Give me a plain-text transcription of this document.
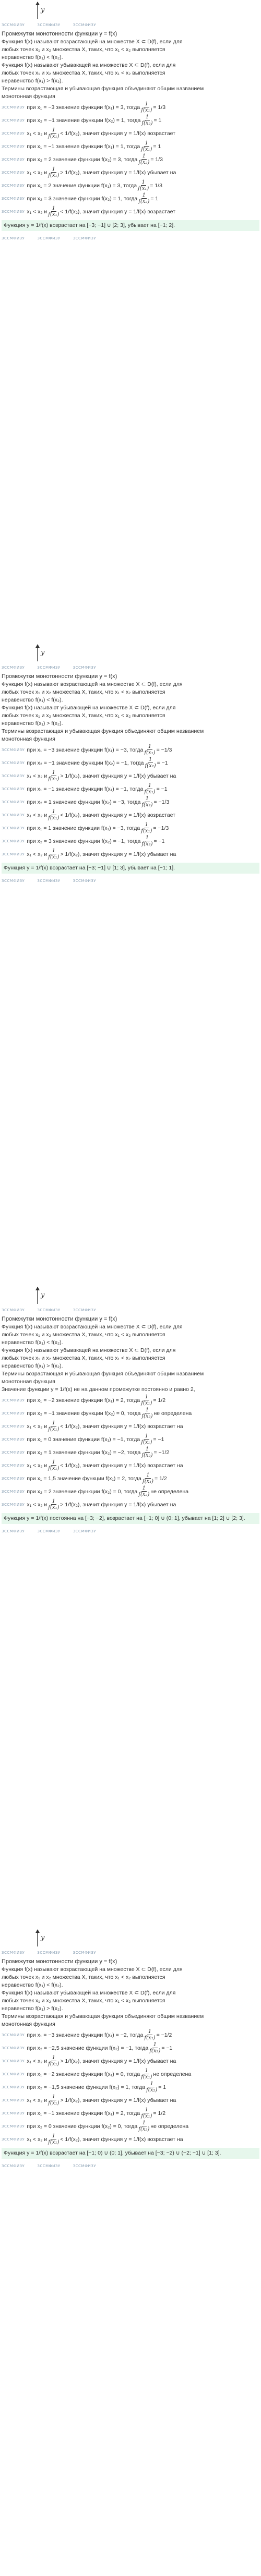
y
ЗССМФИЗУ	ЗССМФИЗУ	ЗССМФИЗУ
Промежутки монотонности функции y = f(x)
Функция f(x) называют возрастающей на множестве X ⊂ D(f), если для
любых точек x₁ и x₂ множества X, таких, что x₁ < x₂ выполняется
неравенство f(x₁) < f(x₂).
Функция f(x) называют убывающей на множестве X ⊂ D(f), если для
любых точек x₁ и x₂ множества X, таких, что x₁ < x₂ выполняется
неравенство f(x₁) > f(x₂).
Термины возрастающая и убывающая функция объединяют общим названием
монотонная функция
ЗССМФИЗУ при x₁ = −3 значение функции f(x₁) = 3, тогда $\frac{1}{\text{f(x₁)}} = 1/3$
ЗССМФИЗУ при x₂ = −1 значение функции f(x₂) = 1, тогда $\frac{1}{\text{f(x₂)}} = 1$
ЗССМФИЗУ x₁ < x₂ и $\frac{1}{\text{f(x₁)}} < 1/f(x_2)$, значит функция y = 1/f(x) возрастает
ЗССМФИЗУ при x₁ = −1 значение функции f(x₁) = 1, тогда $\frac{1}{\text{f(x₁)}} = 1$
ЗССМФИЗУ при x₂ = 2 значение функции f(x₂) = 3, тогда $\frac{1}{\text{f(x₂)}} = 1/3$
ЗССМФИЗУ x₁ < x₂ и $\frac{1}{\text{f(x₁)}} > 1/f(x_2)$, значит функция y = 1/f(x) убывает на
ЗССМФИЗУ при x₁ = 2 значение функции f(x₁) = 3, тогда $\frac{1}{\text{f(x₁)}} = 1/3$
ЗССМФИЗУ при x₂ = 3 значение функции f(x₂) = 1, тогда $\frac{1}{\text{f(x₂)}} = 1$
ЗССМФИЗУ x₁ < x₂ и $\frac{1}{\text{f(x₁)}} < 1/f(x_2)$, значит функция y = 1/f(x) возрастает
Функция y = 1/f(x) возрастает на [−3; −1] ∪ [2; 3], убывает на [−1; 2].
ЗССМФИЗУ	ЗССМФИЗУ	ЗССМФИЗУ
y
ЗССМФИЗУ	ЗССМФИЗУ	ЗССМФИЗУ
Промежутки монотонности функции y = f(x)
Функция f(x) называют возрастающей на множестве X ⊂ D(f), если для
любых точек x₁ и x₂ множества X, таких, что x₁ < x₂ выполняется
неравенство f(x₁) < f(x₂).
Функция f(x) называют убывающей на множестве X ⊂ D(f), если для
любых точек x₁ и x₂ множества X, таких, что x₁ < x₂ выполняется
неравенство f(x₁) > f(x₂).
Термины возрастающая и убывающая функция объединяют общим названием
монотонная функция
ЗССМФИЗУ при x₁ = −3 значение функции f(x₁) = −3, тогда $\frac{1}{\text{f(x₁)}} = -1/3$
ЗССМФИЗУ при x₂ = −1 значение функции f(x₂) = −1, тогда $\frac{1}{\text{f(x₂)}} = -1$
ЗССМФИЗУ x₁ < x₂ и $\frac{1}{\text{f(x₁)}} > 1/f(x_2)$, значит функция y = 1/f(x) убывает на
ЗССМФИЗУ при x₁ = −1 значение функции f(x₁) = −1, тогда $\frac{1}{\text{f(x₁)}} = -1$
ЗССМФИЗУ при x₂ = 1 значение функции f(x₂) = −3, тогда $\frac{1}{\text{f(x₂)}} = -1/3$
ЗССМФИЗУ x₁ < x₂ и $\frac{1}{\text{f(x₁)}} < 1/f(x_2)$, значит функция y = 1/f(x) возрастает
ЗССМФИЗУ при x₁ = 1 значение функции f(x₁) = −3, тогда $\frac{1}{\text{f(x₁)}} = -1/3$
ЗССМФИЗУ при x₂ = 3 значение функции f(x₂) = −1, тогда $\frac{1}{\text{f(x₂)}} = -1$
ЗССМФИЗУ x₁ < x₂ и $\frac{1}{\text{f(x₁)}} > 1/f(x_2)$, значит функция y = 1/f(x) убывает на
Функция y = 1/f(x) возрастает на [−3; −1] ∪ [1; 3], убывает на [−1; 1].
ЗССМФИЗУ	ЗССМФИЗУ	ЗССМФИЗУ
y
ЗССМФИЗУ	ЗССМФИЗУ	ЗССМФИЗУ
Промежутки монотонности функции y = f(x)
Функция f(x) называют возрастающей на множестве X ⊂ D(f), если для
любых точек x₁ и x₂ множества X, таких, что x₁ < x₂ выполняется
неравенство f(x₁) < f(x₂).
Функция f(x) называют убывающей на множестве X ⊂ D(f), если для
любых точек x₁ и x₂ множества X, таких, что x₁ < x₂ выполняется
неравенство f(x₁) > f(x₂).
Термины возрастающая и убывающая функция объединяют общим названием
монотонная функция
Значение функции y = 1/f(x) не на данном промежутке постоянно и равно 2,
ЗССМФИЗУ при x₁ = −2 значение функции f(x₁) = 2, тогда $\frac{1}{\text{f(x₁)}} = 1/2$
ЗССМФИЗУ при x₂ = −1 значение функции f(x₂) = 0, тогда $\frac{1}{\text{f(x₂)}}$ не определена
ЗССМФИЗУ x₁ < x₂ и $\frac{1}{\text{f(x₁)}} < 1/f(x_2)$, значит функция y = 1/f(x) возрастает на
ЗССМФИЗУ при x₁ = 0 значение функции f(x₁) = −1, тогда $\frac{1}{\text{f(x₁)}} = -1$
ЗССМФИЗУ при x₂ = 1 значение функции f(x₂) = −2, тогда $\frac{1}{\text{f(x₂)}} = -1/2$
ЗССМФИЗУ x₁ < x₂ и $\frac{1}{\text{f(x₁)}} < 1/f(x_2)$, значит функция y = 1/f(x) возрастает на
ЗССМФИЗУ при x₁ = 1,5 значение функции f(x₁) = 2, тогда $\frac{1}{\text{f(x₁)}} = 1/2$
ЗССМФИЗУ при x₂ = 2 значение функции f(x₂) = 0, тогда $\frac{1}{\text{f(x₂)}}$ не определена
ЗССМФИЗУ x₁ < x₂ и $\frac{1}{\text{f(x₁)}} > 1/f(x_2)$, значит функция y = 1/f(x) убывает на
Функция y = 1/f(x) постоянна на [−3; −2], возрастает на [−1; 0] ∪ (0; 1], убывает на [1; 2] ∪ [2; 3].
ЗССМФИЗУ	ЗССМФИЗУ	ЗССМФИЗУ
y
ЗССМФИЗУ	ЗССМФИЗУ	ЗССМФИЗУ
Промежутки монотонности функции y = f(x)
Функция f(x) называют возрастающей на множестве X ⊂ D(f), если для
любых точек x₁ и x₂ множества X, таких, что x₁ < x₂ выполняется
неравенство f(x₁) < f(x₂).
Функция f(x) называют убывающей на множестве X ⊂ D(f), если для
любых точек x₁ и x₂ множества X, таких, что x₁ < x₂ выполняется
неравенство f(x₁) > f(x₂).
Термины возрастающая и убывающая функция объединяют общим названием
монотонная функция
ЗССМФИЗУ при x₁ = −3 значение функции f(x₁) = −2, тогда $\frac{1}{\text{f(x₁)}} = -1/2$
ЗССМФИЗУ при x₂ = −2,5 значение функции f(x₂) = −1, тогда $\frac{1}{\text{f(x₂)}} = -1$
ЗССМФИЗУ x₁ < x₂ и $\frac{1}{\text{f(x₁)}} > 1/f(x_2)$, значит функция y = 1/f(x) убывает на
ЗССМФИЗУ при x₁ = −2 значение функции f(x₁) = 0, тогда $\frac{1}{\text{f(x₁)}}$ не определена
ЗССМФИЗУ при x₂ = −1,5 значение функции f(x₂) = 1, тогда $\frac{1}{\text{f(x₂)}} = 1$
ЗССМФИЗУ x₁ < x₂ и $\frac{1}{\text{f(x₁)}} > 1/f(x_2)$, значит функция y = 1/f(x) убывает на
ЗССМФИЗУ при x₁ = −1 значение функции f(x₁) = 2, тогда $\frac{1}{\text{f(x₁)}} = 1/2$
ЗССМФИЗУ при x₂ = 0 значение функции f(x₂) = 0, тогда $\frac{1}{\text{f(x₂)}}$ не определена
ЗССМФИЗУ x₁ < x₂ и $\frac{1}{\text{f(x₁)}} < 1/f(x_2)$, значит функция y = 1/f(x) возрастает на
Функция y = 1/f(x) возрастает на [−1; 0) ∪ (0; 1], убывает на [−3; −2) ∪ (−2; −1] ∪ [1; 3].
ЗССМФИЗУ	ЗССМФИЗУ	ЗССМФИЗУ
